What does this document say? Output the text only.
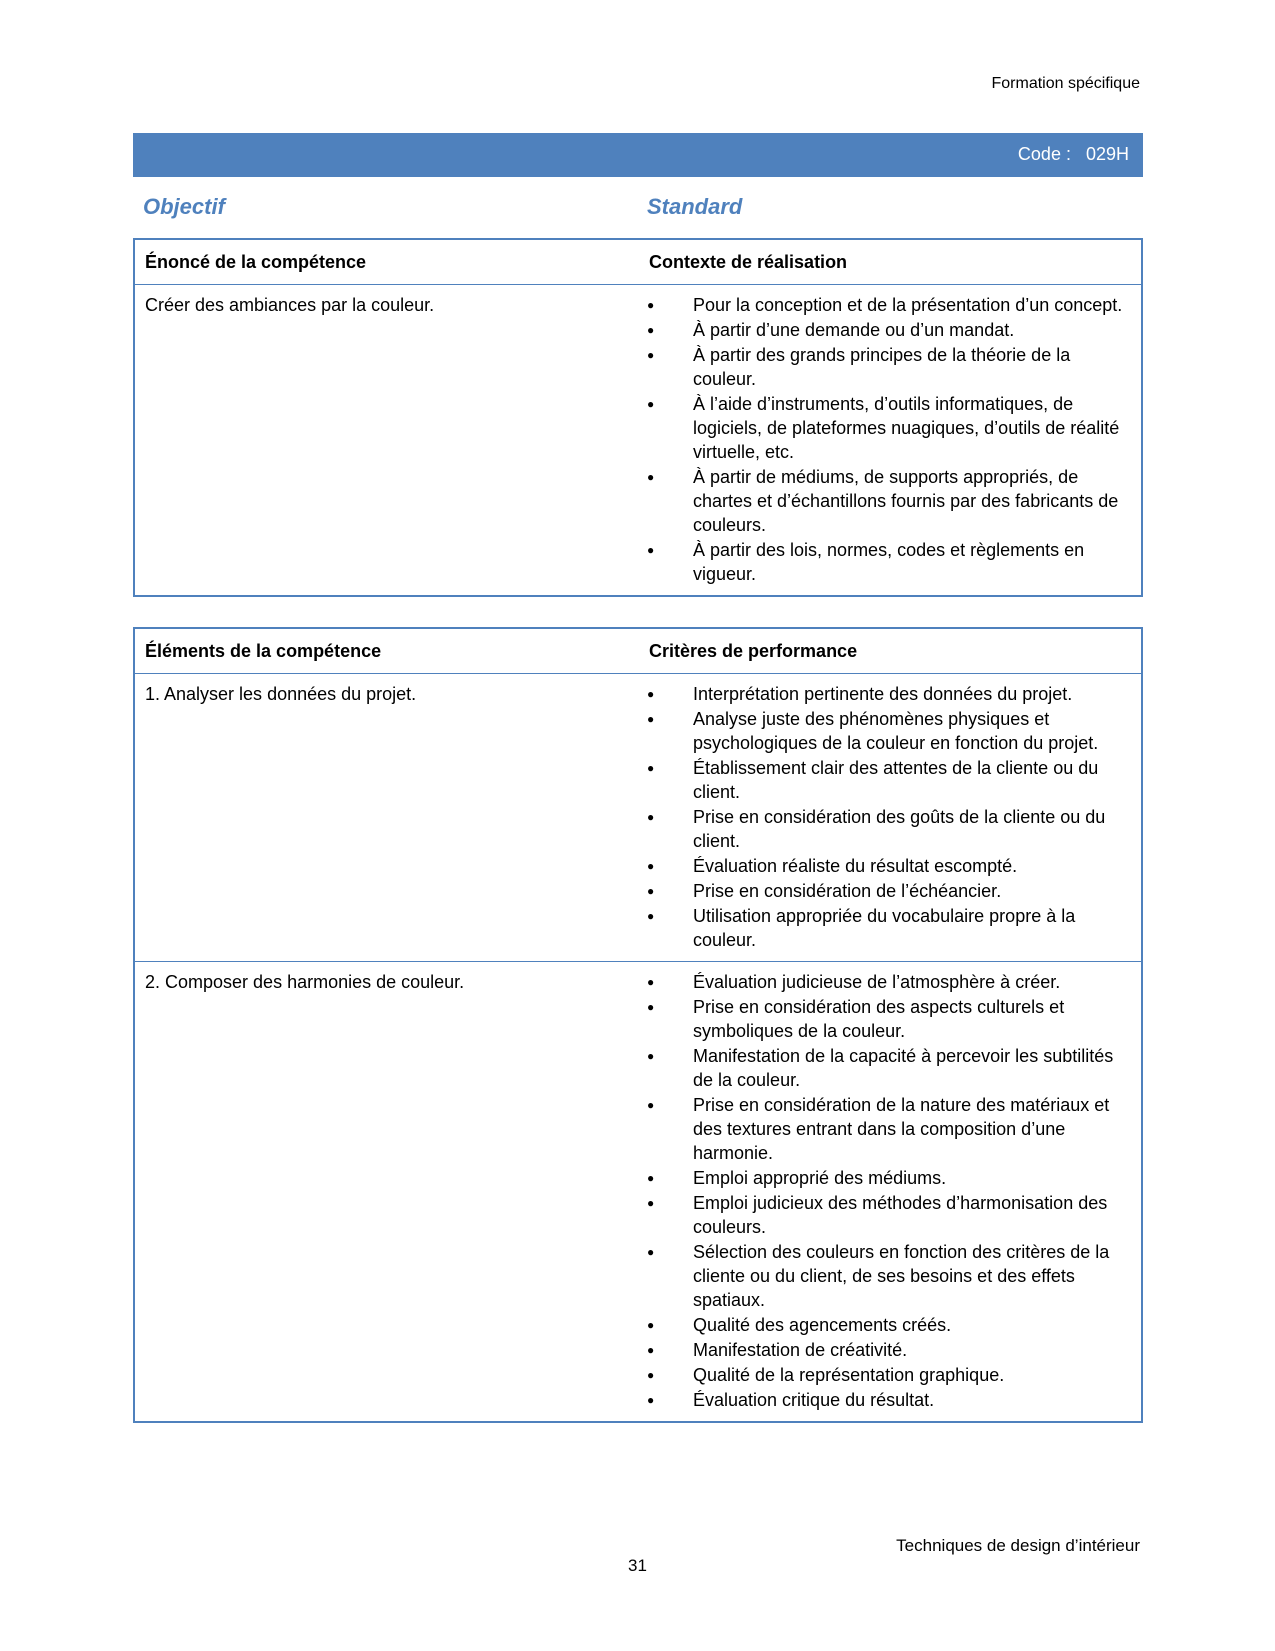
Formation spécifique
Code :   029H
Objectif	Standard
Énoncé de la compétence	Contexte de réalisation
Créer des ambiances par la couleur.	● Pour la conception et de la présentation d’un concept.
● À partir d’une demande ou d’un mandat.
● À partir des grands principes de la théorie de la couleur.
● À l’aide d’instruments, d’outils informatiques, de logiciels, de plateformes nuagiques, d’outils de réalité virtuelle, etc.
● À partir de médiums, de supports appropriés, de chartes et d’échantillons fournis par des fabricants de couleurs.
● À partir des lois, normes, codes et règlements en vigueur.
Éléments de la compétence	Critères de performance
1. Analyser les données du projet.	● Interprétation pertinente des données du projet.
● Analyse juste des phénomènes physiques et psychologiques de la couleur en fonction du projet.
● Établissement clair des attentes de la cliente ou du client.
● Prise en considération des goûts de la cliente ou du client.
● Évaluation réaliste du résultat escompté.
● Prise en considération de l’échéancier.
● Utilisation appropriée du vocabulaire propre à la couleur.
2. Composer des harmonies de couleur.	● Évaluation judicieuse de l’atmosphère à créer.
● Prise en considération des aspects culturels et symboliques de la couleur.
● Manifestation de la capacité à percevoir les subtilités de la couleur.
● Prise en considération de la nature des matériaux et des textures entrant dans la composition d’une harmonie.
● Emploi approprié des médiums.
● Emploi judicieux des méthodes d’harmonisation des couleurs.
● Sélection des couleurs en fonction des critères de la cliente ou du client, de ses besoins et des effets spatiaux.
● Qualité des agencements créés.
● Manifestation de créativité.
● Qualité de la représentation graphique.
● Évaluation critique du résultat.
Techniques de design d’intérieur
31
